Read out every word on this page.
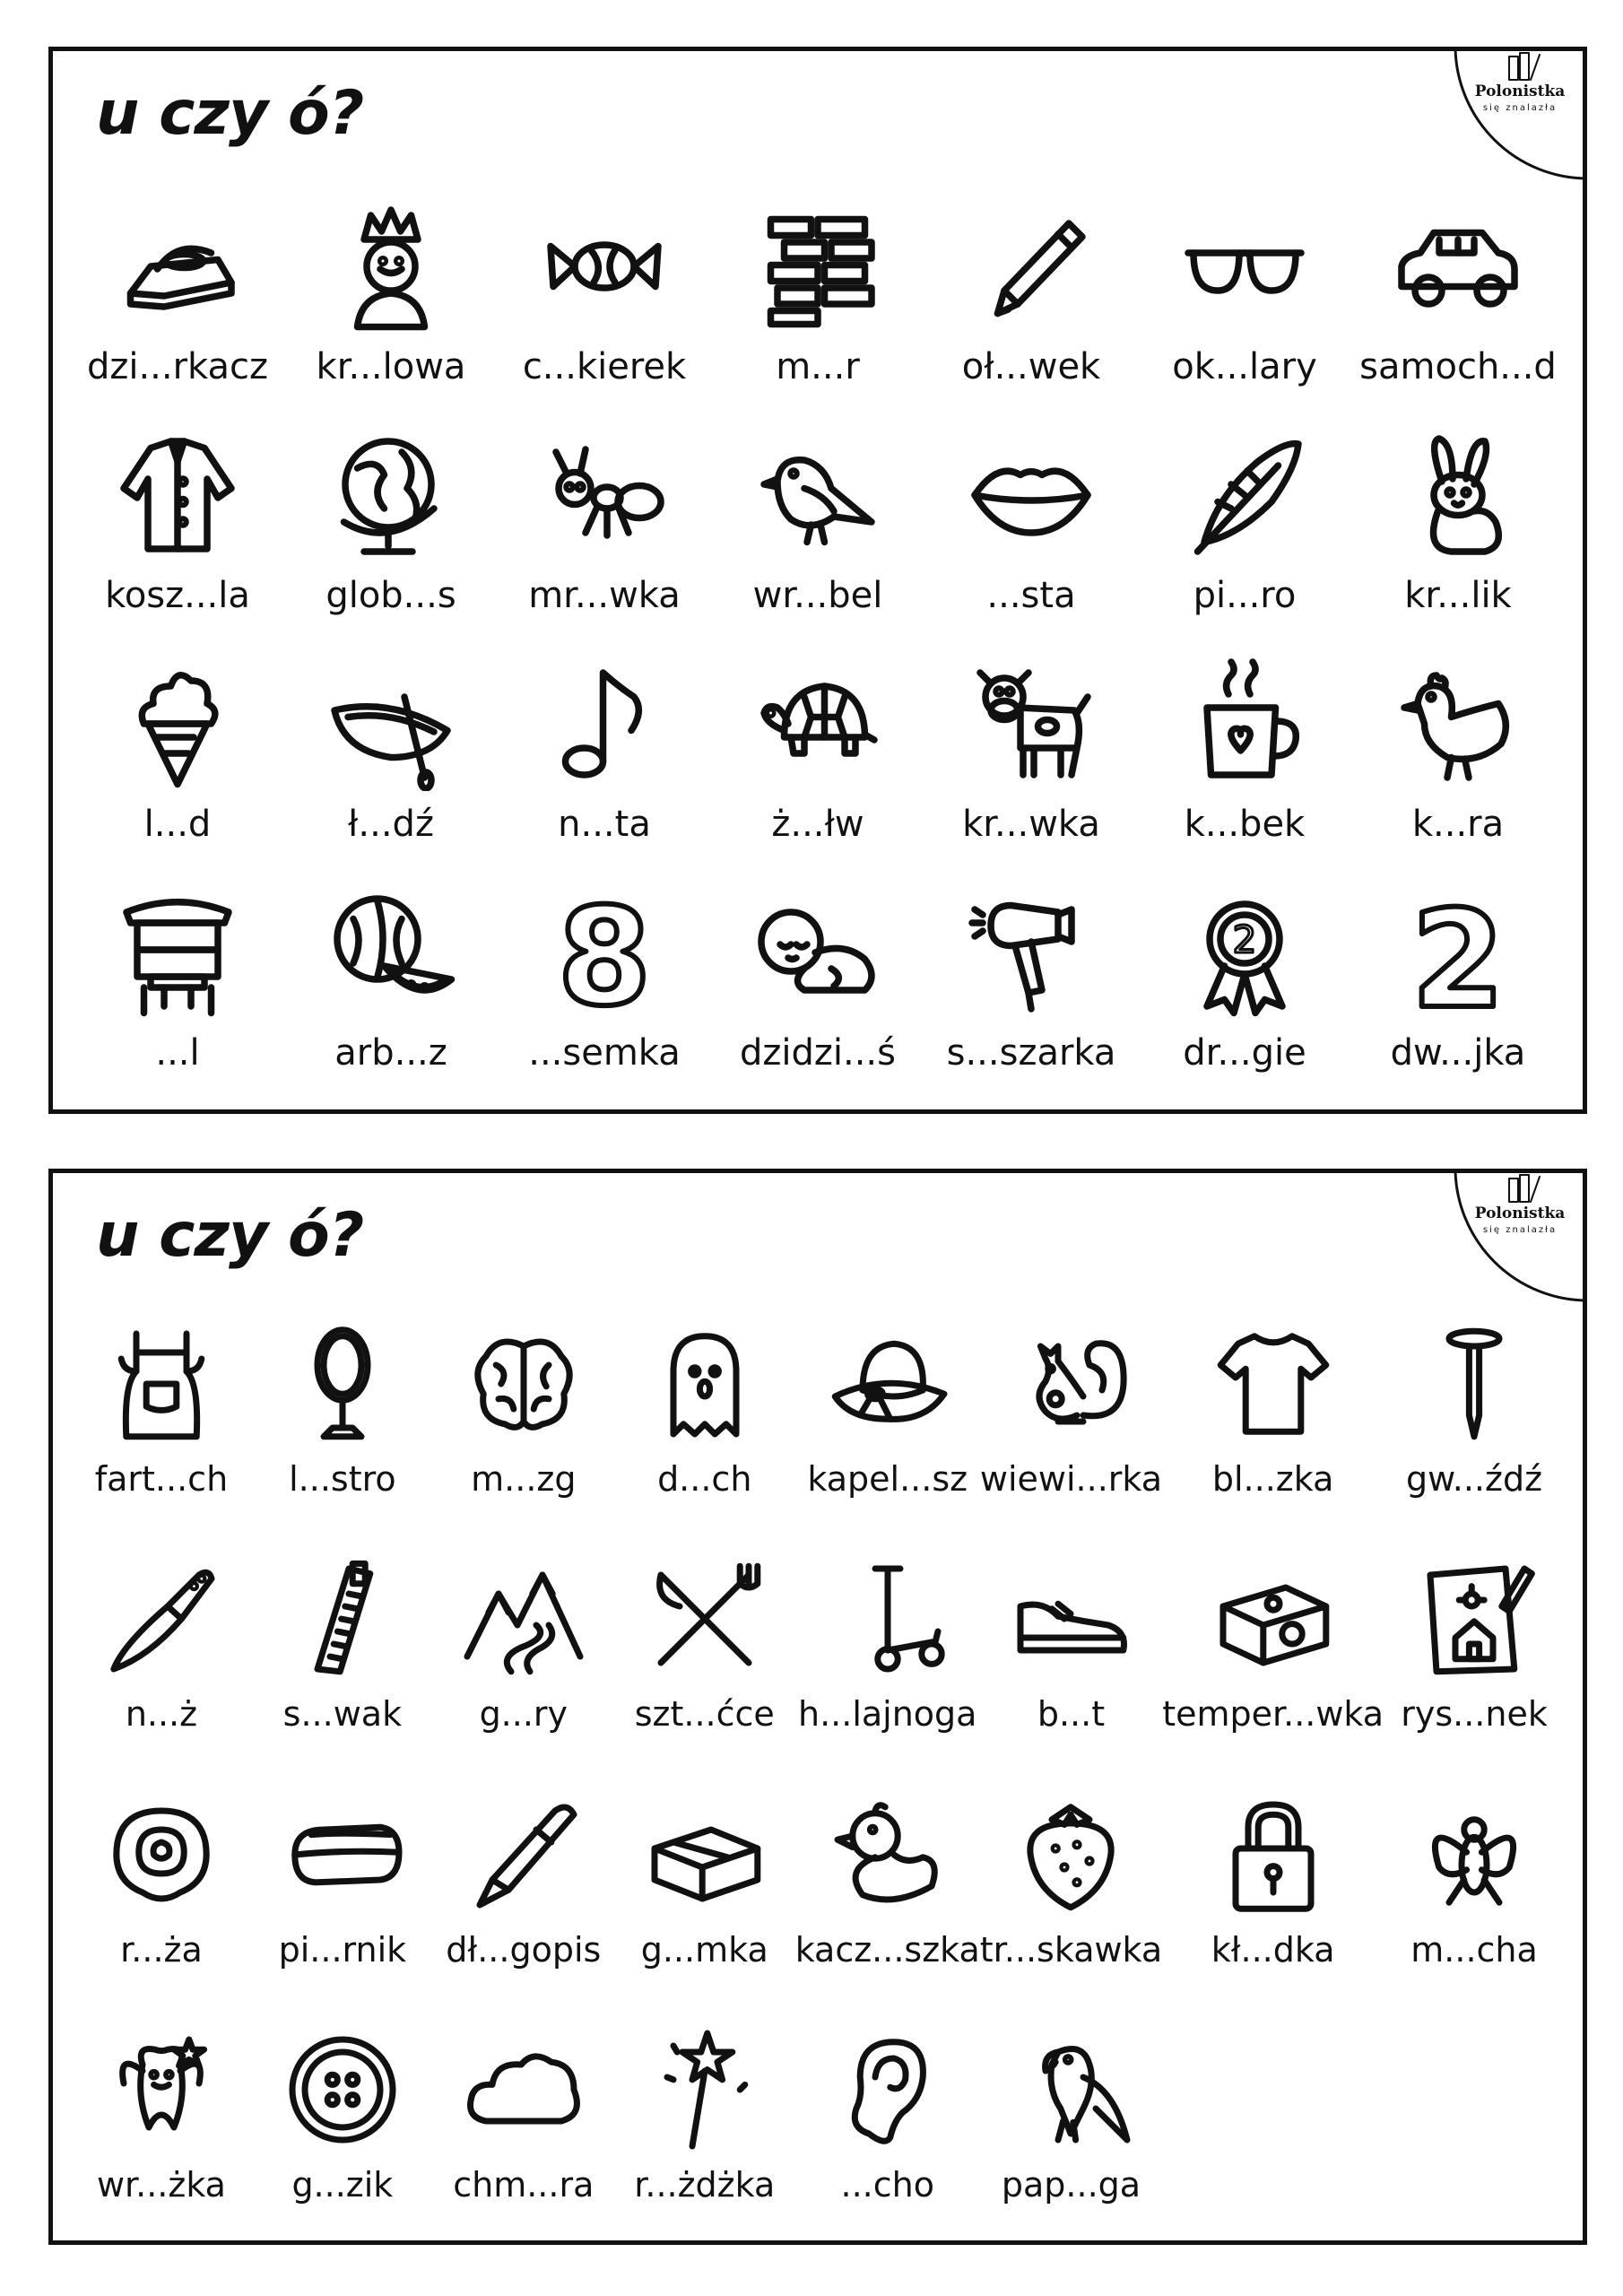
u czy ó?	Polonistka
się znalazła
dzi...rkacz kr...lowa c...kierek	m...r	oł...wek ok...lary samoch...d
kosz...la glob...s mr...wka wr...bel	...sta	pi...ro	kr...lik
l...d	ł...dź	n...ta	ż...łw	kr...wka k...bek	k...ra
...l	arb...z
8
...semka dzidzi...ś s...szarka
2
dr...gie
2
dw...jka
u czy ó?	Polonistka
się znalazła
fart...ch l...stro m...zg d...ch kapel...sz wiewi...rka bl...zka gw...źdź
n...ż	s...wak g...ry szt...ćce h...lajnoga b...t temper...wka rys...nek
r...ża pi...rnik dł...gopis g...mka kacz...szka tr...skawka kł...dka m...cha
wr...żka g...zik chm...ra r...żdżka ...cho pap...ga
